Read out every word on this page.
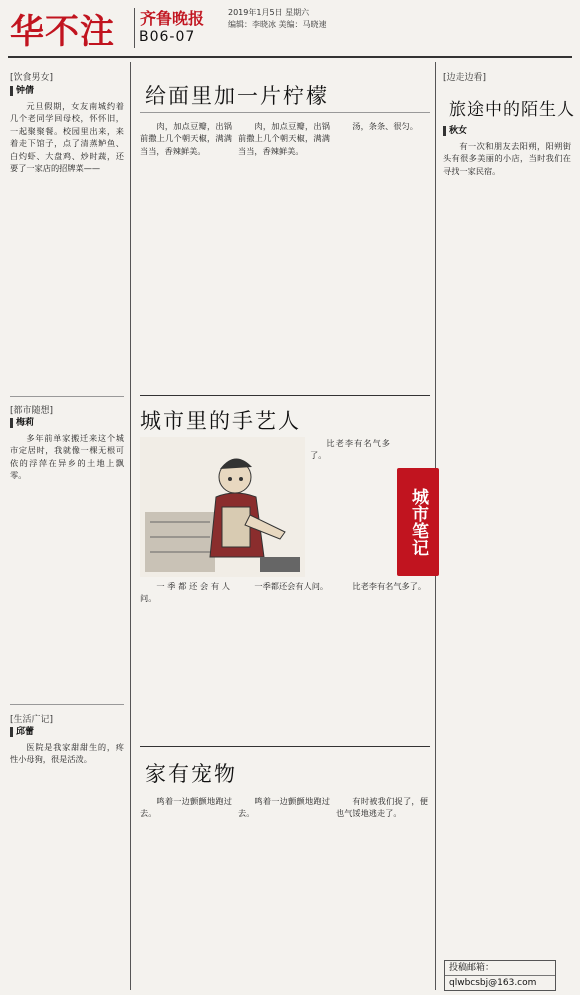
华不注 齐鲁晚报	2019年1月5日 星期六
编辑：李晓冰 美编：马晓速
B06-07
[饮食男女]
钟倩

元旦假期，女友南城约着几个老同学回母校，怀怀旧，一起聚聚餐。校园里出来，来着走下馆子，点了清蒸鲈鱼、白灼虾、大盘鸡、炒时蔬，还要了一家店的招牌菜——

[都市随想]
梅莉

多年前单家搬迁来这个城市定居时，我就像一棵无根可依的浮萍在异乡的土地上飘零。

[生活广记]
邱蕾

医院是我家甜甜生的，疼性小母狗，很是活泼。

给面里加一片柠檬

肉，加点豆瓣，出锅前撒上几个朝天椒，满满当当，香辣鲜美。

肉，加点豆瓣，出锅前撒上几个朝天椒，满满当当，香辣鲜美。

汤，条条、很匀。

城市里的手艺人

比老李有名气多了。

城市笔记

一季都还会有人问。

一季都还会有人问。	比老李有名气多了。

家有宠物

鸣着一边颤颤地跑过去。

鸣着一边颤颤地跑过去。

有时被我们捉了，便也气馁地逃走了。

[边走边看]
旅途中的陌生人
秋女

有一次和朋友去阳朔，阳朔街头有很多美丽的小店，当时我们在寻找一家民宿。

投稿邮箱：
qlwbcsbj@163.com
